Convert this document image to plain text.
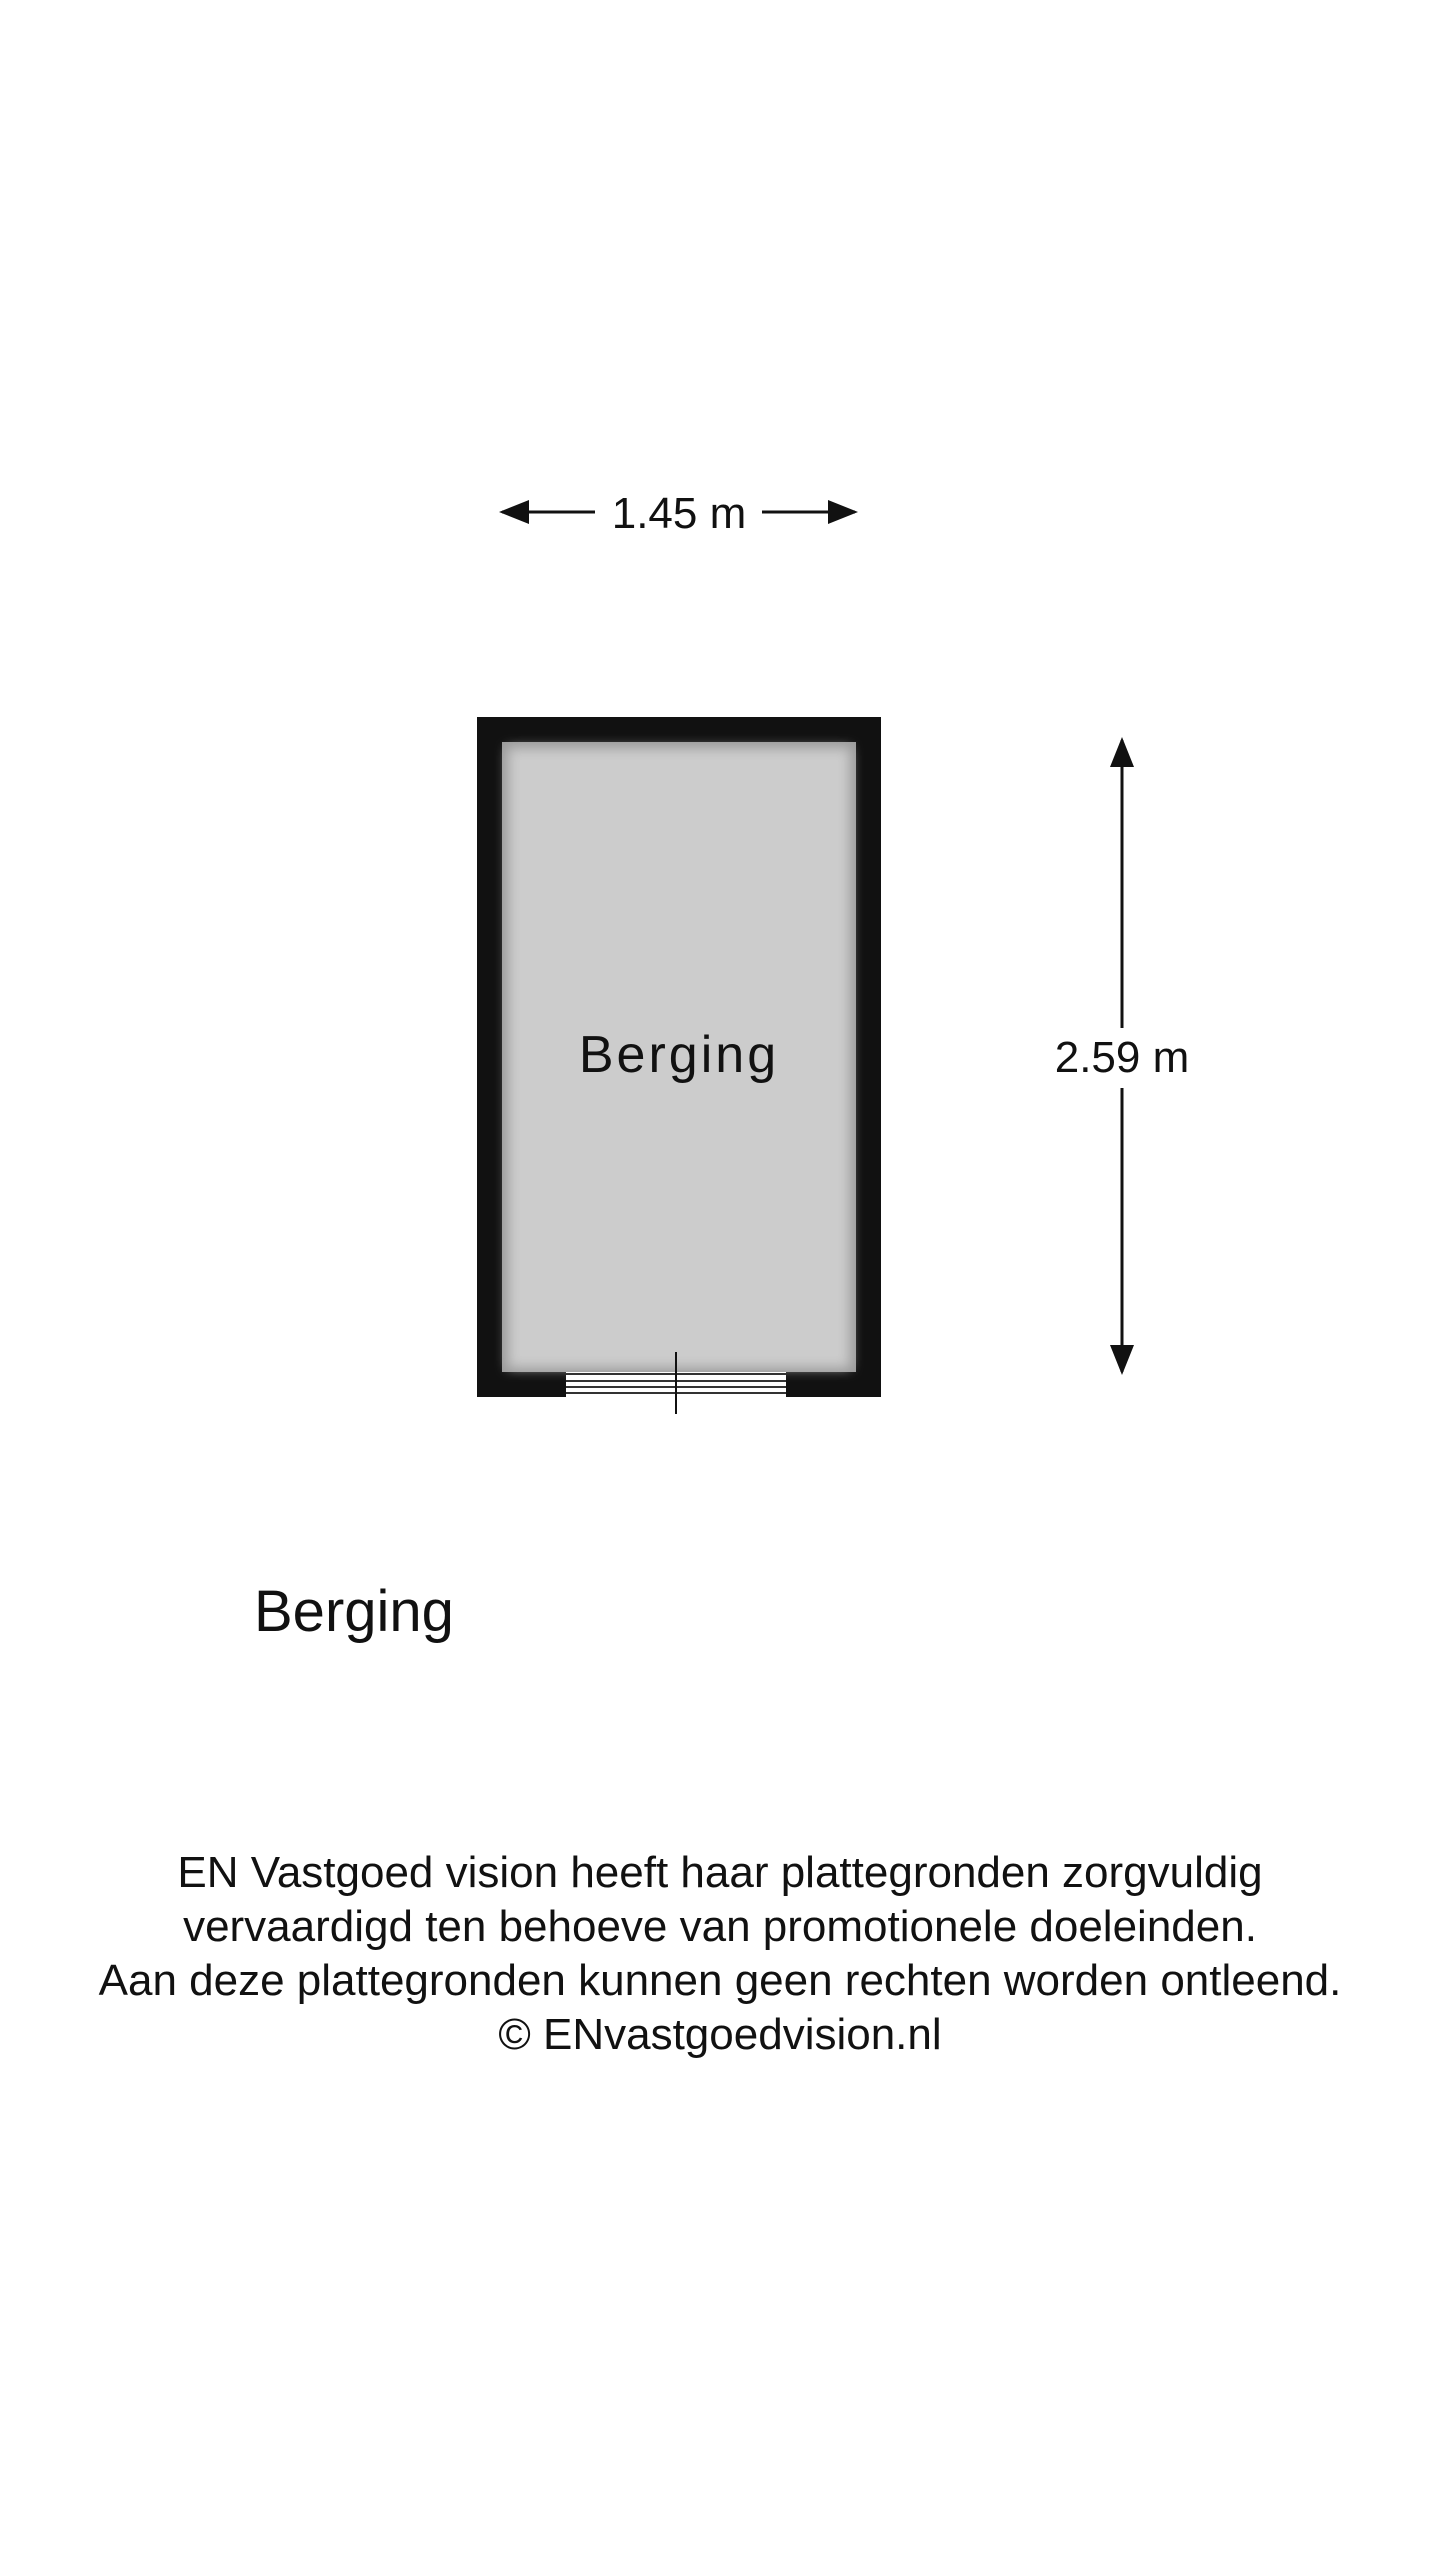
1.45 m
Berging	2.59 m
Berging
EN Vastgoed vision heeft haar plattegronden zorgvuldig
vervaardigd ten behoeve van promotionele doeleinden.
Aan deze plattegronden kunnen geen rechten worden ontleend.
© ENvastgoedvision.nl
